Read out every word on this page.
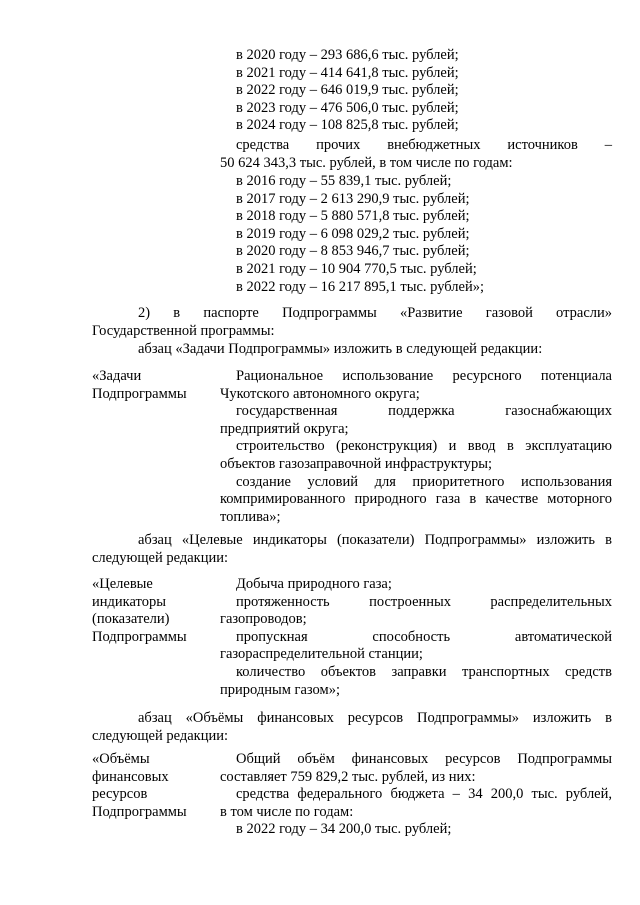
в 2020 году – 293 686,6 тыс. рублей;
в 2021 году – 414 641,8 тыс. рублей;
в 2022 году – 646 019,9 тыс. рублей;
в 2023 году – 476 506,0 тыс. рублей;
в 2024 году – 108 825,8 тыс. рублей;
средства прочих внебюджетных источников –
50 624 343,3 тыс. рублей, в том числе по годам:
в 2016 году – 55 839,1 тыс. рублей;
в 2017 году – 2 613 290,9 тыс. рублей;
в 2018 году – 5 880 571,8 тыс. рублей;
в 2019 году – 6 098 029,2 тыс. рублей;
в 2020 году – 8 853 946,7 тыс. рублей;
в 2021 году – 10 904 770,5 тыс. рублей;
в 2022 году – 16 217 895,1 тыс. рублей»;
2) в паспорте Подпрограммы «Развитие газовой отрасли»
Государственной программы:
абзац «Задачи Подпрограммы» изложить в следующей редакции:
«Задачи
Подпрограммы
Рациональное использование ресурсного потенциала
Чукотского автономного округа;
государственная поддержка газоснабжающих
предприятий округа;
строительство (реконструкция) и ввод в эксплуатацию
объектов газозаправочной инфраструктуры;
создание условий для приоритетного использования
компримированного природного газа в качестве моторного
топлива»;
абзац «Целевые индикаторы (показатели) Подпрограммы» изложить в
следующей редакции:
«Целевые
индикаторы
(показатели)
Подпрограммы
Добыча природного газа;
протяженность построенных распределительных
газопроводов;
пропускная способность автоматической
газораспределительной станции;
количество объектов заправки транспортных средств
природным газом»;
абзац «Объёмы финансовых ресурсов Подпрограммы» изложить в
следующей редакции:
«Объёмы
финансовых
ресурсов
Подпрограммы
Общий объём финансовых ресурсов Подпрограммы
составляет 759 829,2 тыс. рублей, из них:
средства федерального бюджета – 34 200,0 тыс. рублей,
в том числе по годам:
в 2022 году – 34 200,0 тыс. рублей;
